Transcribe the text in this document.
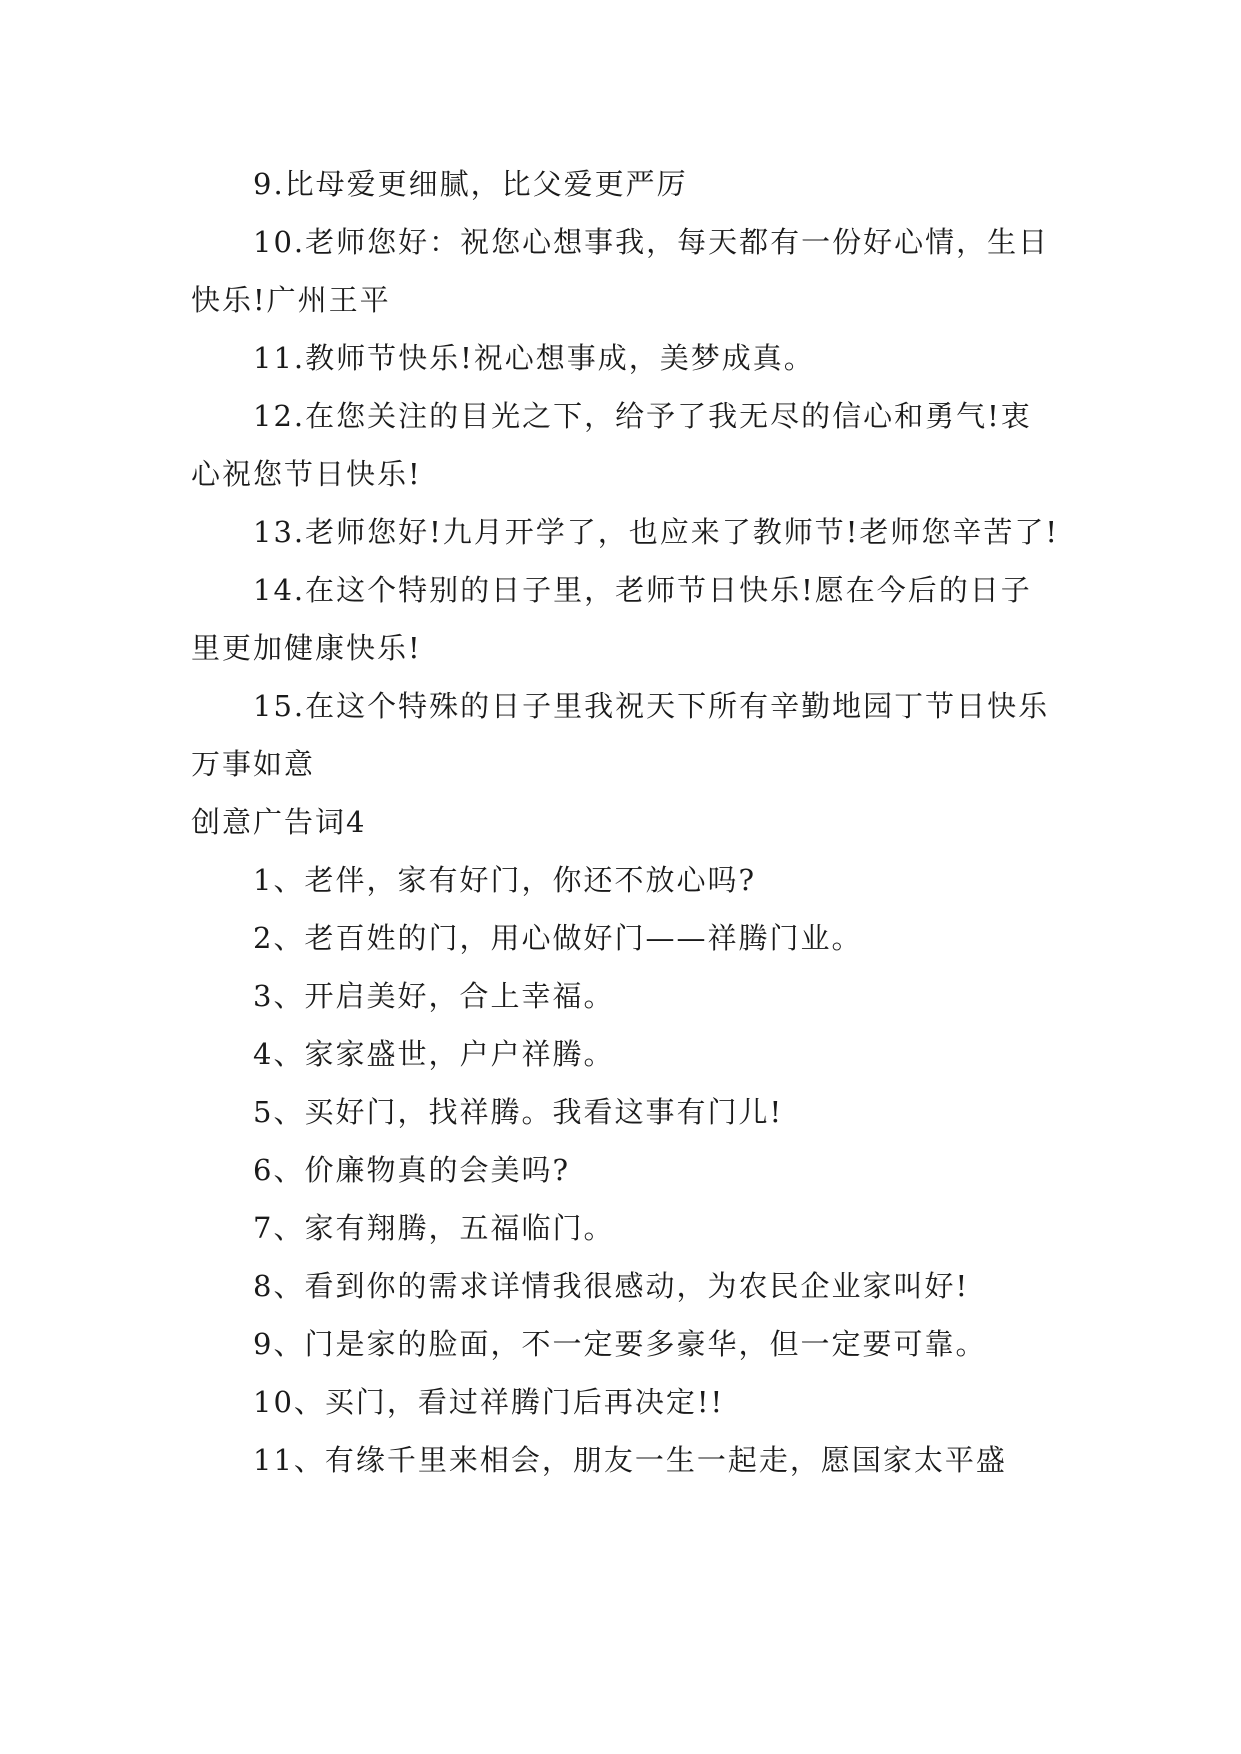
9.比母爱更细腻，比父爱更严厉

10.老师您好：祝您心想事我，每天都有一份好心情，生日快乐!广州王平

11.教师节快乐!祝心想事成，美梦成真。

12.在您关注的目光之下，给予了我无尽的信心和勇气!衷心祝您节日快乐!

13.老师您好!九月开学了，也应来了教师节!老师您辛苦了!

14.在这个特别的日子里，老师节日快乐!愿在今后的日子里更加健康快乐!

15.在这个特殊的日子里我祝天下所有辛勤地园丁节日快乐万事如意

创意广告词4

1、老伴，家有好门，你还不放心吗?

2、老百姓的门，用心做好门——祥腾门业。

3、开启美好，合上幸福。

4、家家盛世，户户祥腾。

5、买好门，找祥腾。我看这事有门儿!

6、价廉物真的会美吗?

7、家有翔腾，五福临门。

8、看到你的需求详情我很感动，为农民企业家叫好!

9、门是家的脸面，不一定要多豪华，但一定要可靠。

10、买门，看过祥腾门后再决定!!

11、有缘千里来相会，朋友一生一起走，愿国家太平盛
